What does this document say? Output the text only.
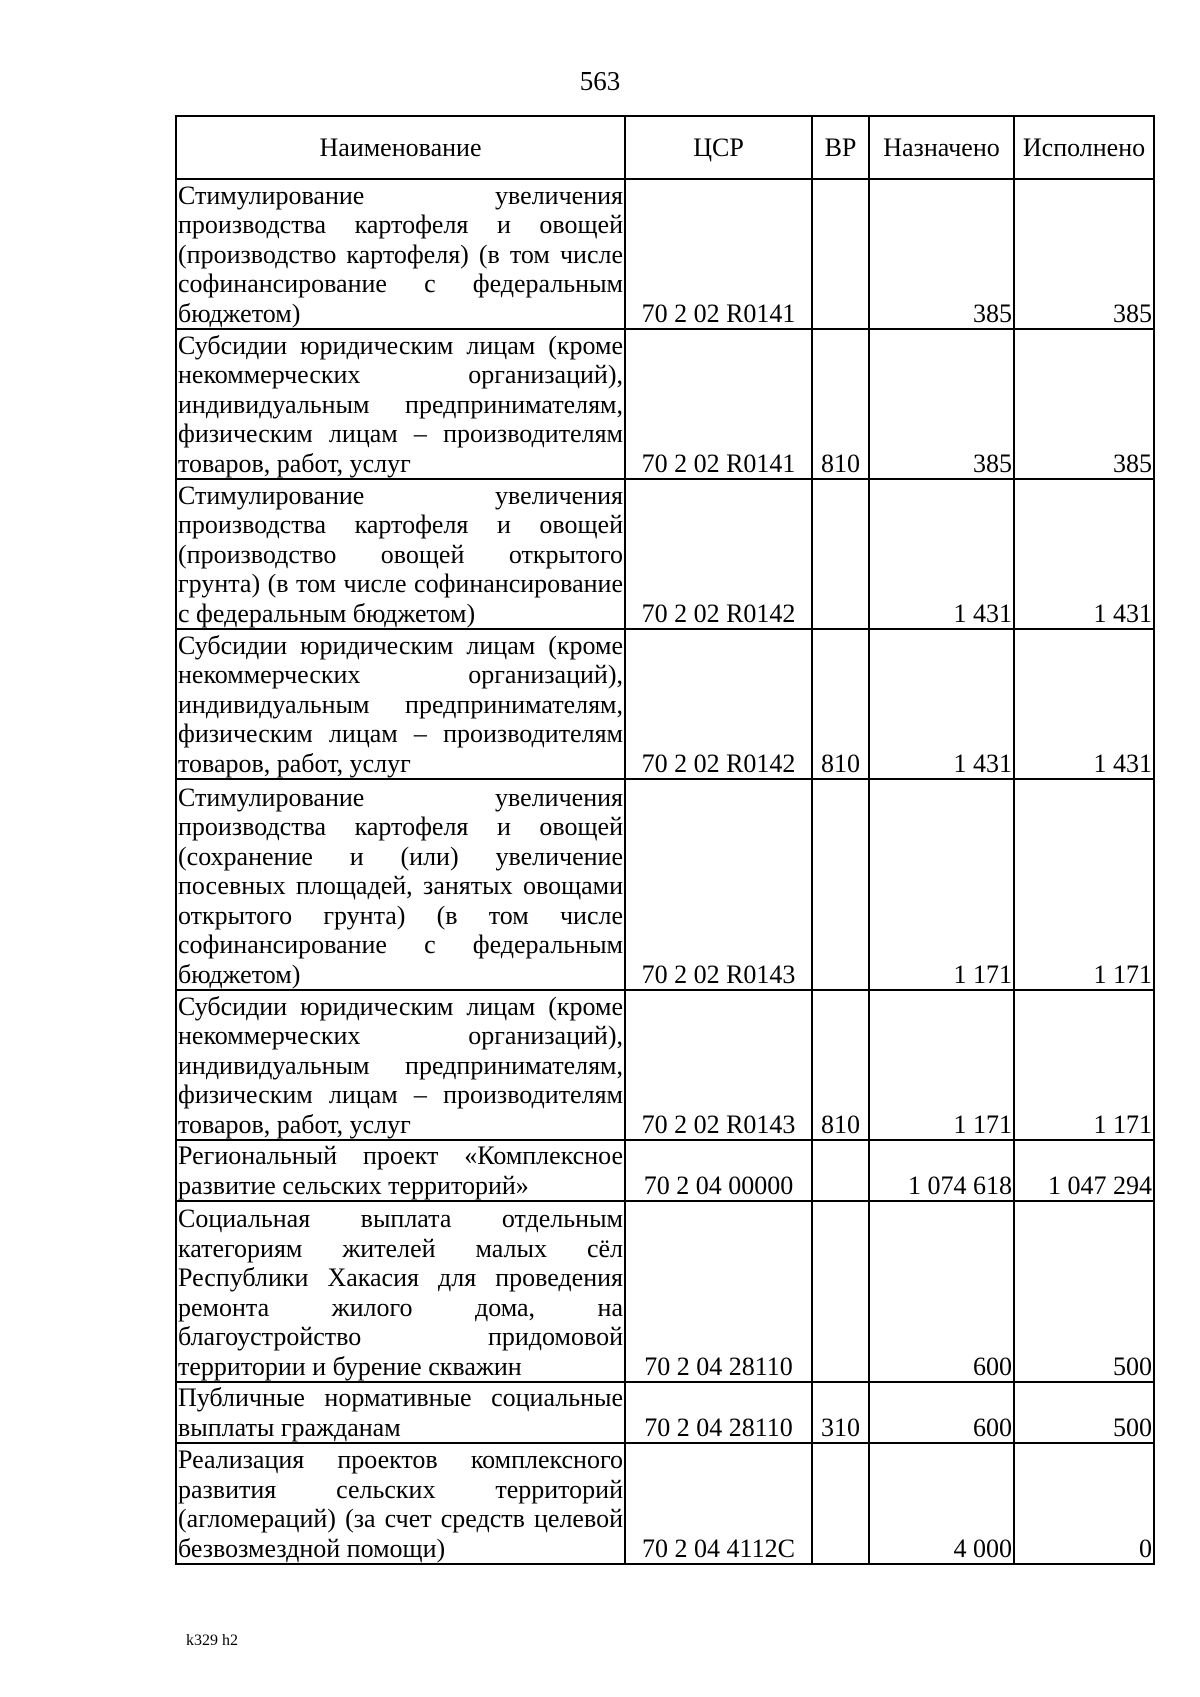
563
Наименование	ЦСР	ВР	Назначено	Исполнено
Стимулирование увеличения производства картофеля и овощей (производство картофеля) (в том числе софинансирование с федеральным бюджетом)	70 2 02 R0141		385	385
Субсидии юридическим лицам (кроме некоммерческих организаций), индивидуальным предпринимателям, физическим лицам – производителям товаров, работ, услуг	70 2 02 R0141	810	385	385
Стимулирование увеличения производства картофеля и овощей (производство овощей открытого грунта) (в том числе софинансирование с федеральным бюджетом)	70 2 02 R0142		1 431	1 431
Субсидии юридическим лицам (кроме некоммерческих организаций), индивидуальным предпринимателям, физическим лицам – производителям товаров, работ, услуг	70 2 02 R0142	810	1 431	1 431
Стимулирование увеличения производства картофеля и овощей (сохранение и (или) увеличение посевных площадей, занятых овощами открытого грунта) (в том числе софинансирование с федеральным бюджетом)	70 2 02 R0143		1 171	1 171
Субсидии юридическим лицам (кроме некоммерческих организаций), индивидуальным предпринимателям, физическим лицам – производителям товаров, работ, услуг	70 2 02 R0143	810	1 171	1 171
Региональный проект «Комплексное развитие сельских территорий»	70 2 04 00000		1 074 618	1 047 294
Социальная выплата отдельным категориям жителей малых сёл Республики Хакасия для проведения ремонта жилого дома, на благоустройство придомовой территории и бурение скважин	70 2 04 28110		600	500
Публичные нормативные социальные выплаты гражданам	70 2 04 28110	310	600	500
Реализация проектов комплексного развития сельских территорий (агломераций) (за счет средств целевой безвозмездной помощи)	70 2 04 4112C		4 000	0
k329 h2
